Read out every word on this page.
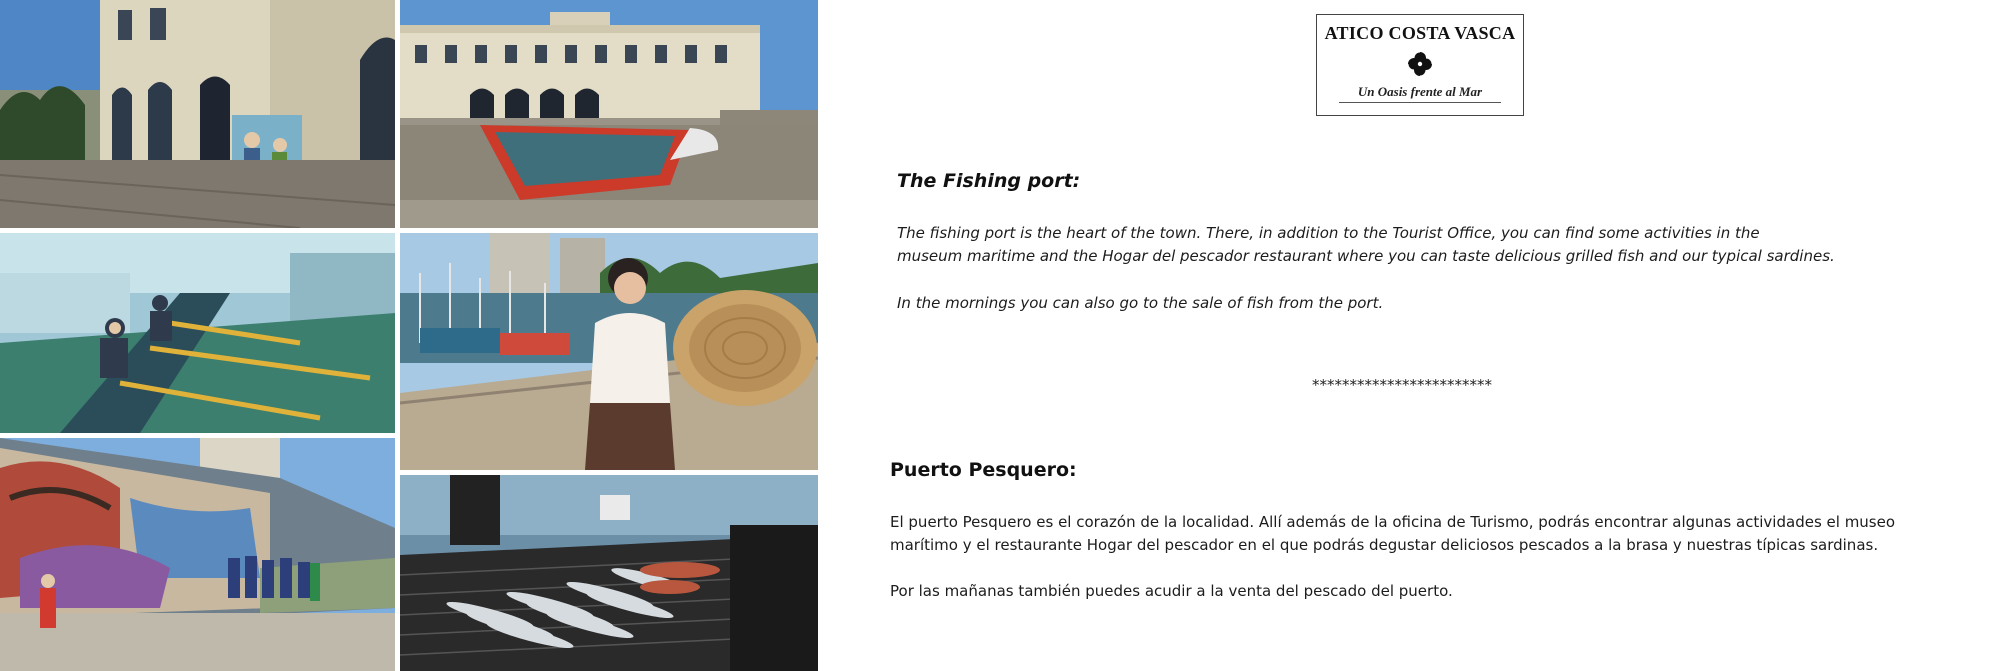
ATICO COSTA VASCA
Un Oasis frente al Mar
The Fishing port:
The fishing port is the heart of the town. There, in addition to the Tourist Office, you can find some activities in the
museum maritime and the Hogar del pescador restaurant where you can taste delicious grilled fish and our typical sardines.
In the mornings you can also go to the sale of fish from the port.
************************
Puerto Pesquero:
El puerto Pesquero es el corazón de la localidad. Allí además de la oficina de Turismo, podrás encontrar algunas actividades el museo
marítimo y el restaurante Hogar del pescador en el que podrás degustar deliciosos pescados a la brasa y nuestras típicas sardinas.
Por las mañanas también puedes acudir a la venta del pescado del puerto.
